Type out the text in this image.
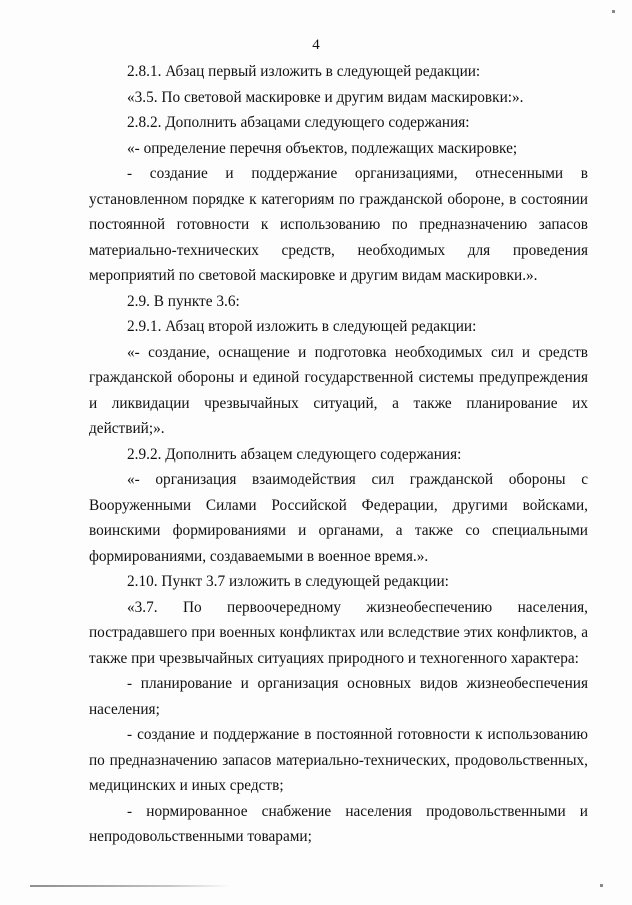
4

2.8.1. Абзац первый изложить в следующей редакции:

«3.5. По световой маскировке и другим видам маскировки:».

2.8.2. Дополнить абзацами следующего содержания:

«- определение перечня объектов, подлежащих маскировке;

- создание и поддержание организациями, отнесенными в установленном порядке к категориям по гражданской обороне, в состоянии постоянной готовности к использованию по предназначению запасов материально-технических средств, необходимых для проведения мероприятий по световой маскировке и другим видам маскировки.».

2.9. В пункте 3.6:

2.9.1. Абзац второй изложить в следующей редакции:

«- создание, оснащение и подготовка необходимых сил и средств гражданской обороны и единой государственной системы предупреждения и ликвидации чрезвычайных ситуаций, а также планирование их действий;».

2.9.2. Дополнить абзацем следующего содержания:

«- организация взаимодействия сил гражданской обороны с Вооруженными Силами Российской Федерации, другими войсками, воинскими формированиями и органами, а также со специальными формированиями, создаваемыми в военное время.».

2.10. Пункт 3.7 изложить в следующей редакции:

«3.7. По первоочередному жизнеобеспечению населения, пострадавшего при военных конфликтах или вследствие этих конфликтов, а также при чрезвычайных ситуациях природного и техногенного характера:

- планирование и организация основных видов жизнеобеспечения населения;

- создание и поддержание в постоянной готовности к использованию по предназначению запасов материально-технических, продовольственных, медицинских и иных средств;

- нормированное снабжение населения продовольственными и непродовольственными товарами;
